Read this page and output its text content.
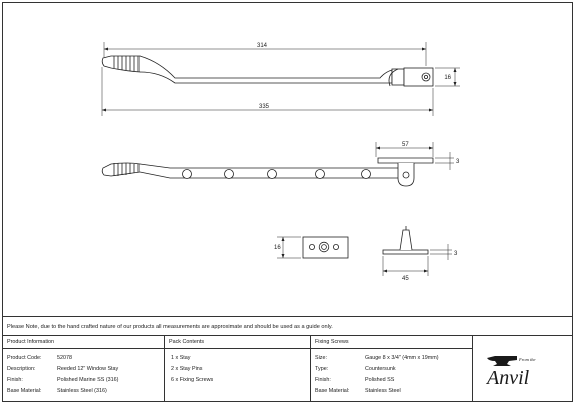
314
335
16
57
3
16
3
45
Please Note, due to the hand crafted nature of our products all measurements are approximate and should be used as a guide only.
Product Information
Product Code:	52078
Description:	Reeded 12" Window Stay
Finish:	Polished Marine SS (316)
Base Material:	Stainless Steel (316)
Pack Contents
1 x Stay
2 x Stay Pins
6 x Fixing Screws
Fixing Screws
Size:	Gauge 8 x 3/4" (4mm x 19mm)
Type:	Countersunk
Finish:	Polished SS
Base Material:	Stainless Steel
From the
Anvil
